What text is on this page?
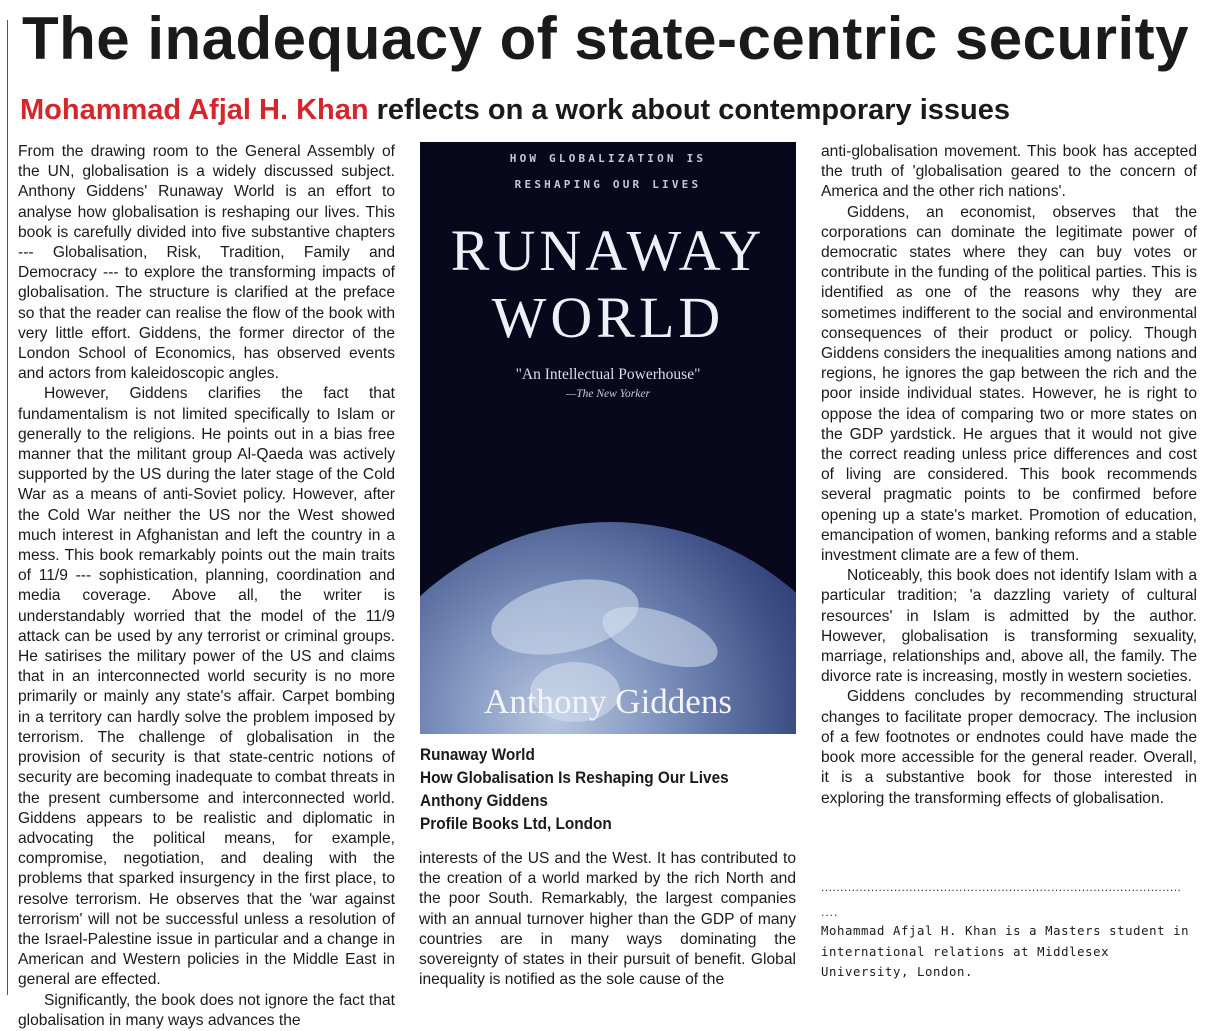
The inadequacy of state-centric security
Mohammad Afjal H. Khan reflects on a work about contemporary issues

From the drawing room to the General Assembly of the UN, globalisation is a widely discussed subject. Anthony Giddens' Runaway World is an effort to analyse how globalisation is reshaping our lives. This book is carefully divided into five substantive chapters --- Globalisation, Risk, Tradition, Family and Democracy --- to explore the transforming impacts of globalisation. The structure is clarified at the preface so that the reader can realise the flow of the book with very little effort. Giddens, the former director of the London School of Economics, has observed events and actors from kaleidoscopic angles.

However, Giddens clarifies the fact that fundamentalism is not limited specifically to Islam or generally to the religions. He points out in a bias free manner that the militant group Al-Qaeda was actively supported by the US during the later stage of the Cold War as a means of anti-Soviet policy. However, after the Cold War neither the US nor the West showed much interest in Afghanistan and left the country in a mess. This book remarkably points out the main traits of 11/9 --- sophistication, planning, coordination and media coverage. Above all, the writer is understandably worried that the model of the 11/9 attack can be used by any terrorist or criminal groups. He satirises the military power of the US and claims that in an interconnected world security is no more primarily or mainly any state's affair. Carpet bombing in a territory can hardly solve the problem imposed by terrorism. The challenge of globalisation in the provision of security is that state-centric notions of security are becoming inadequate to combat threats in the present cumbersome and interconnected world. Giddens appears to be realistic and diplomatic in advocating the political means, for example, compromise, negotiation, and dealing with the problems that sparked insurgency in the first place, to resolve terrorism. He observes that the 'war against terrorism' will not be successful unless a resolution of the Israel-Palestine issue in particular and a change in American and Western policies in the Middle East in general are effected.

Significantly, the book does not ignore the fact that globalisation in many ways advances the

HOW GLOBALIZATION IS
RESHAPING OUR LIVES
RUNAWAY
WORLD
"An Intellectual Powerhouse"
—The New Yorker
Anthony Giddens
Runaway World
How Globalisation Is Reshaping Our Lives
Anthony Giddens
Profile Books Ltd, London

interests of the US and the West. It has contributed to the creation of a world marked by the rich North and the poor South. Remarkably, the largest companies with an annual turnover higher than the GDP of many countries are in many ways dominating the sovereignty of states in their pursuit of benefit. Global inequality is notified as the sole cause of the

anti-globalisation movement. This book has accepted the truth of 'globalisation geared to the concern of America and the other rich nations'.

Giddens, an economist, observes that the corporations can dominate the legitimate power of democratic states where they can buy votes or contribute in the funding of the political parties. This is identified as one of the reasons why they are sometimes indifferent to the social and environmental consequences of their product or policy. Though Giddens considers the inequalities among nations and regions, he ignores the gap between the rich and the poor inside individual states. However, he is right to oppose the idea of comparing two or more states on the GDP yardstick. He argues that it would not give the correct reading unless price differences and cost of living are considered. This book recommends several pragmatic points to be confirmed before opening up a state's market. Promotion of education, emancipation of women, banking reforms and a stable investment climate are a few of them.

Noticeably, this book does not identify Islam with a particular tradition; 'a dazzling variety of cultural resources' in Islam is admitted by the author. However, globalisation is transforming sexuality, marriage, relationships and, above all, the family. The divorce rate is increasing, mostly in western societies.

Giddens concludes by recommending structural changes to facilitate proper democracy. The inclusion of a few footnotes or endnotes could have made the book more accessible for the general reader. Overall, it is a substantive book for those interested in exploring the transforming effects of globalisation.

..............................................................................................
....
Mohammad Afjal H. Khan is a Masters student in international relations at Middlesex University, London.
